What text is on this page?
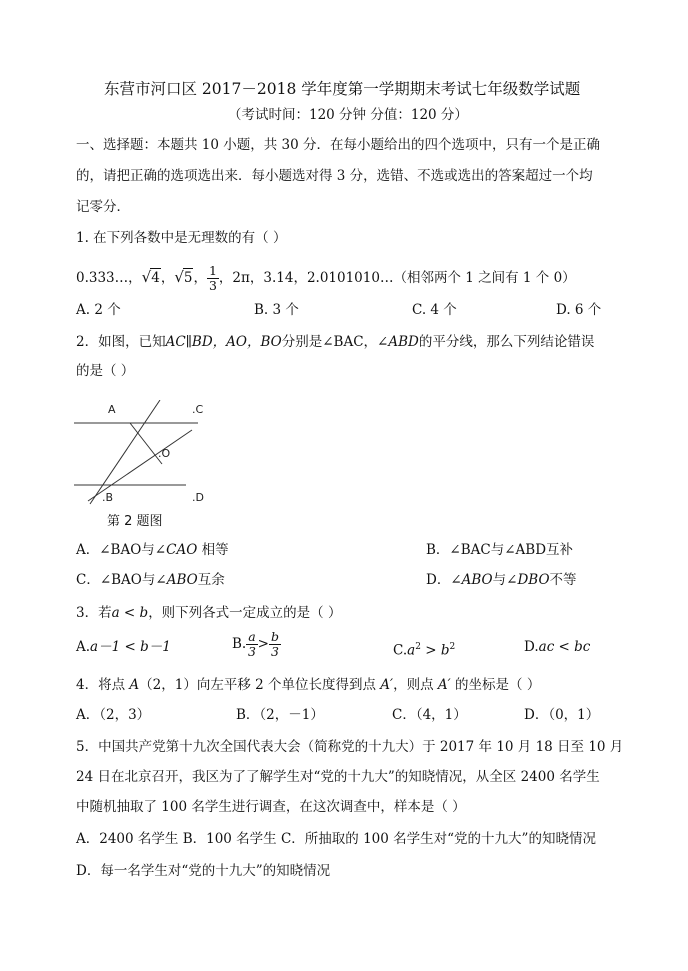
东营市河口区 2017－2018 学年度第一学期期末考试七年级数学试题
（考试时间：120 分钟 分值：120 分）
一、选择题：本题共 10 小题，共 30 分．在每小题给出的四个选项中，只有一个是正确
的，请把正确的选项选出来．每小题选对得 3 分，选错、不选或选出的答案超过一个均
记零分．
1. 在下列各数中是无理数的有（ ）
0.333…，√4，√5， $\frac{1}{3}$ ，2π，3.14，2.0101010…（相邻两个 1 之间有 1 个 0）
A. 2 个	B. 3 个	C. 4 个	D. 6 个
2．如图，已知AC∥BD，AO，BO分别是∠BAC，∠ABD的平分线，那么下列结论错误
的是（ ）
A	.C
.O
.B	.D
第 2 题图
A．∠BAO与∠CAO 相等	B．∠BAC与∠ABD互补
C．∠BAO与∠ABO互余	D．∠ABO与∠DBO不等
3．若a < b，则下列各式一定成立的是（ ）
A.a－1 < b－1	B. $\frac{a}{3} > \frac{b}{3}$	$C.a^2 > b^2$	D.ac < bc
4．将点 A（2，1）向左平移 2 个单位长度得到点 A′，则点 A′ 的坐标是（ ）
A．（2，3）	B．（2，－1）	C．（4，1）	D．（0，1）
5．中国共产党第十九次全国代表大会（简称党的十九大）于 2017 年 10 月 18 日至 10 月
24 日在北京召开，我区为了了解学生对“党的十九大”的知晓情况，从全区 2400 名学生
中随机抽取了 100 名学生进行调查，在这次调查中，样本是（ ）
A．2400 名学生 B．100 名学生 C．所抽取的 100 名学生对“党的十九大”的知晓情况
D．每一名学生对“党的十九大”的知晓情况
